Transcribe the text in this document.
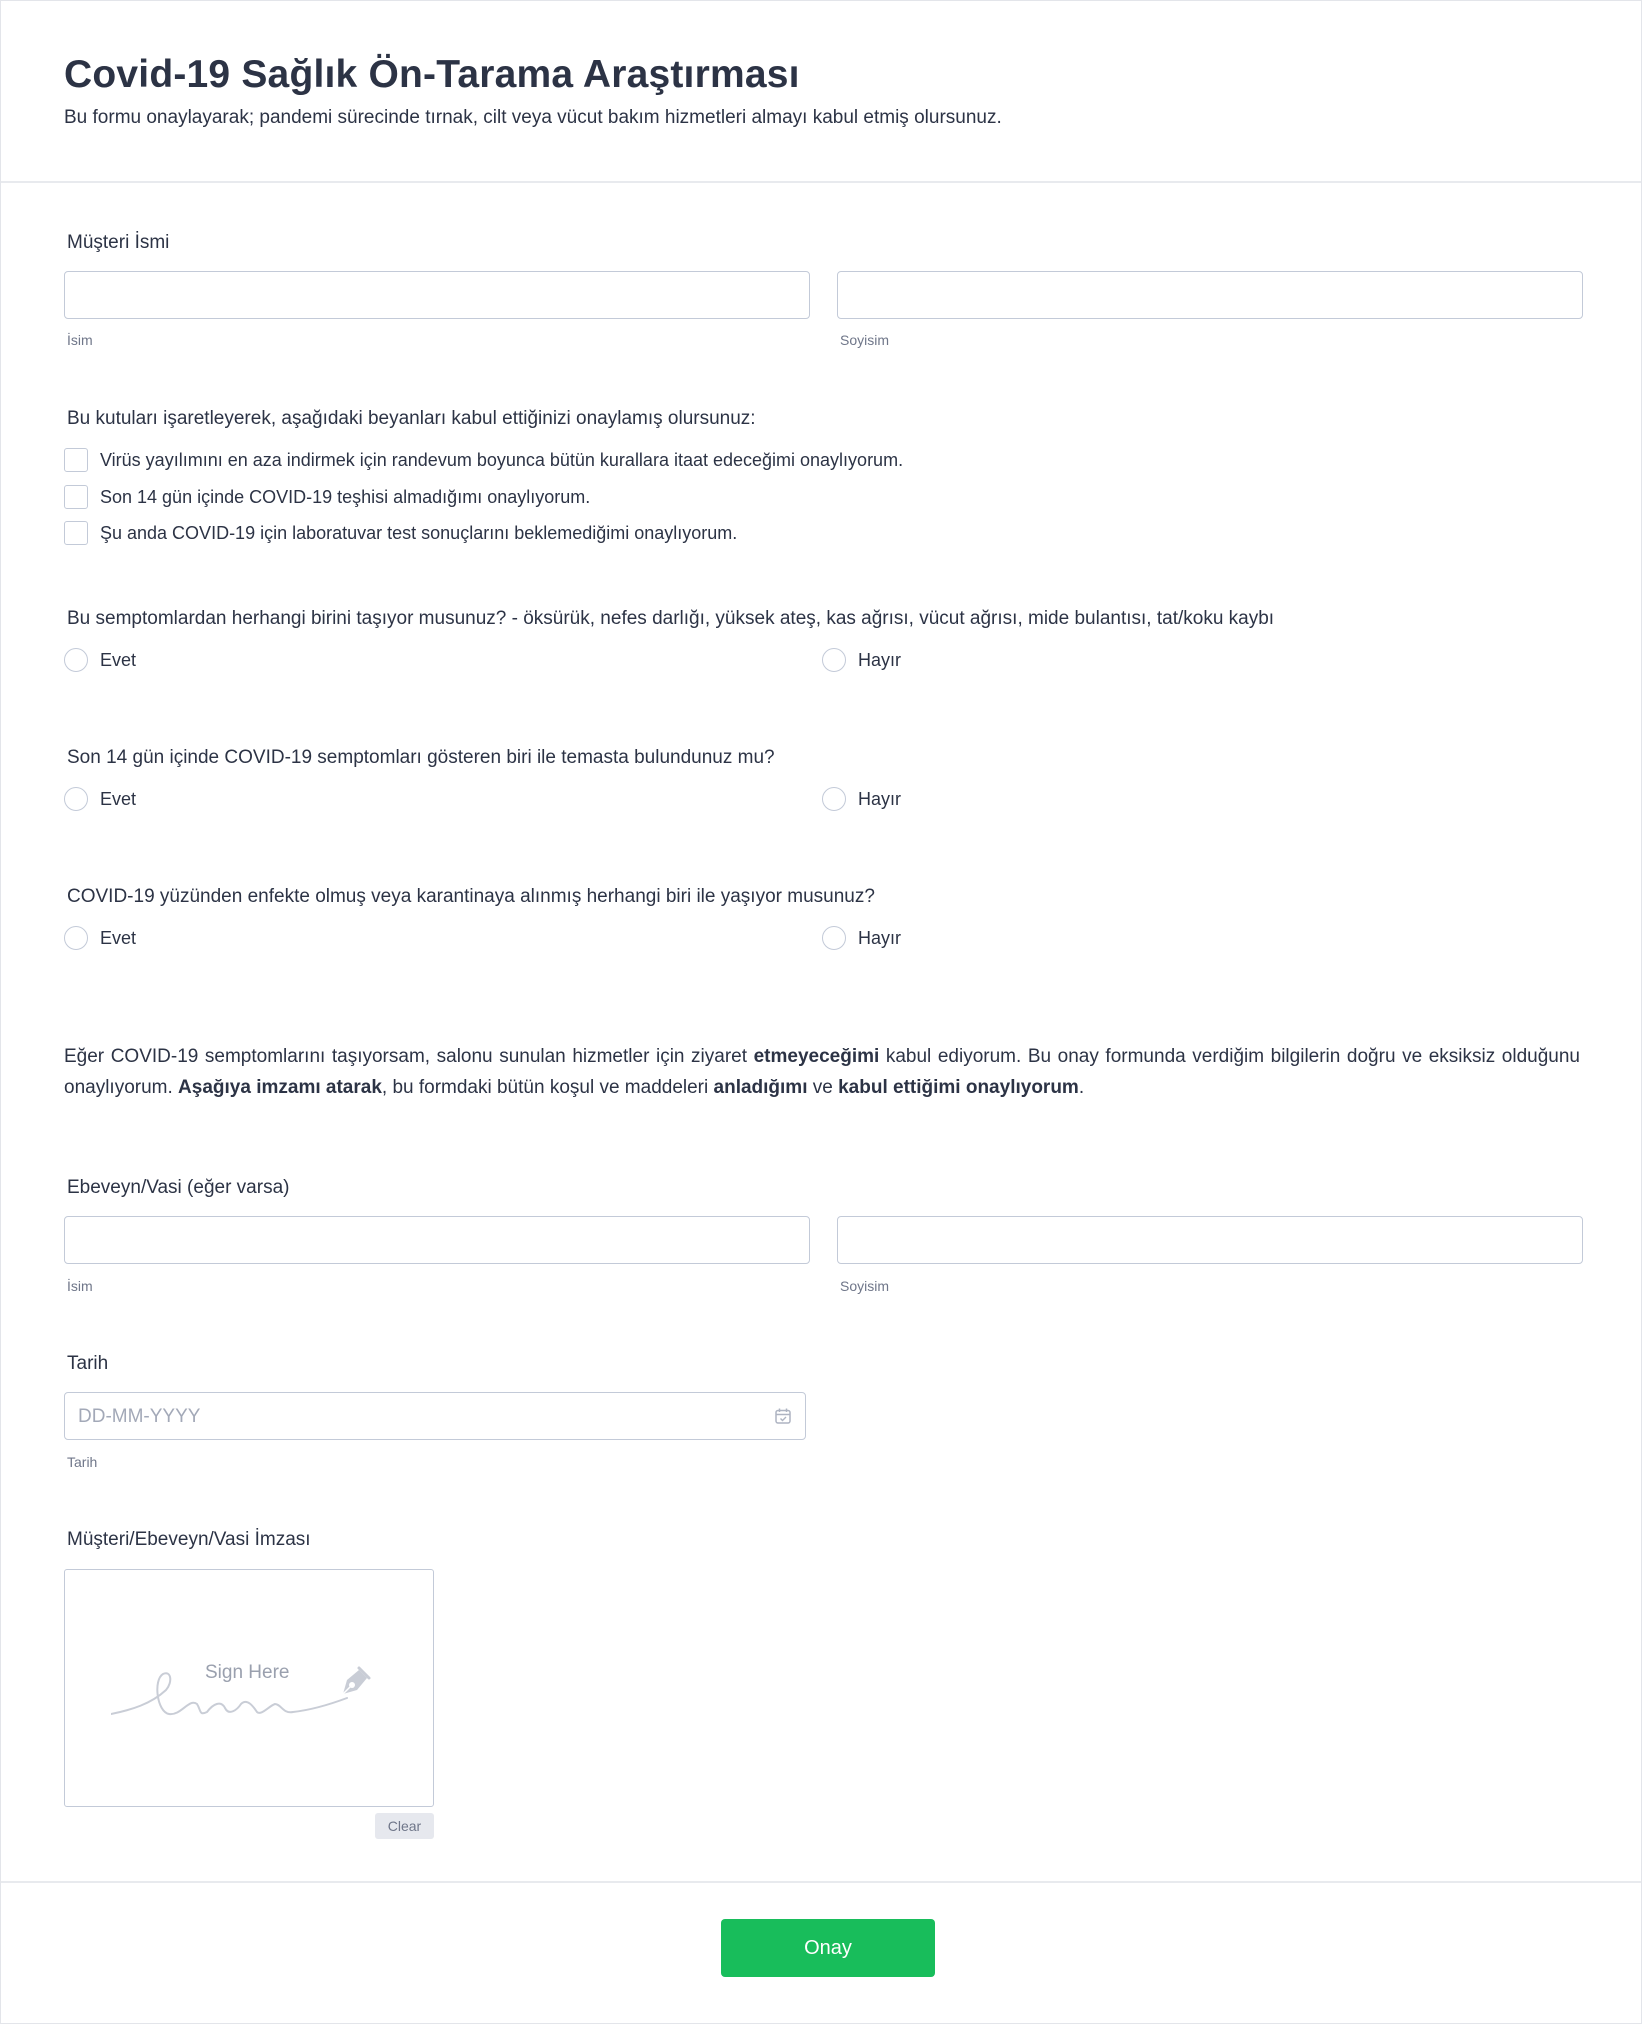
Covid-19 Sağlık Ön-Tarama Araştırması
Bu formu onaylayarak; pandemi sürecinde tırnak, cilt veya vücut bakım hizmetleri almayı kabul etmiş olursunuz.
Müşteri İsmi
İsim	Soyisim
Bu kutuları işaretleyerek, aşağıdaki beyanları kabul ettiğinizi onaylamış olursunuz:
Virüs yayılımını en aza indirmek için randevum boyunca bütün kurallara itaat edeceğimi onaylıyorum.
Son 14 gün içinde COVID-19 teşhisi almadığımı onaylıyorum.
Şu anda COVID-19 için laboratuvar test sonuçlarını beklemediğimi onaylıyorum.
Bu semptomlardan herhangi birini taşıyor musunuz? - öksürük, nefes darlığı, yüksek ateş, kas ağrısı, vücut ağrısı, mide bulantısı, tat/koku kaybı
Evet	Hayır
Son 14 gün içinde COVID-19 semptomları gösteren biri ile temasta bulundunuz mu?
Evet	Hayır
COVID-19 yüzünden enfekte olmuş veya karantinaya alınmış herhangi biri ile yaşıyor musunuz?
Evet	Hayır
Eğer COVID-19 semptomlarını taşıyorsam, salonu sunulan hizmetler için ziyaret etmeyeceğimi kabul ediyorum. Bu onay formunda verdiğim bilgilerin doğru ve eksiksiz olduğunu onaylıyorum. Aşağıya imzamı atarak, bu formdaki bütün koşul ve maddeleri anladığımı ve kabul ettiğimi onaylıyorum.
Ebeveyn/Vasi (eğer varsa)
İsim	Soyisim
Tarih
DD-MM-YYYY
Tarih
Müşteri/Ebeveyn/Vasi İmzası
Sign Here
Clear
Onay
